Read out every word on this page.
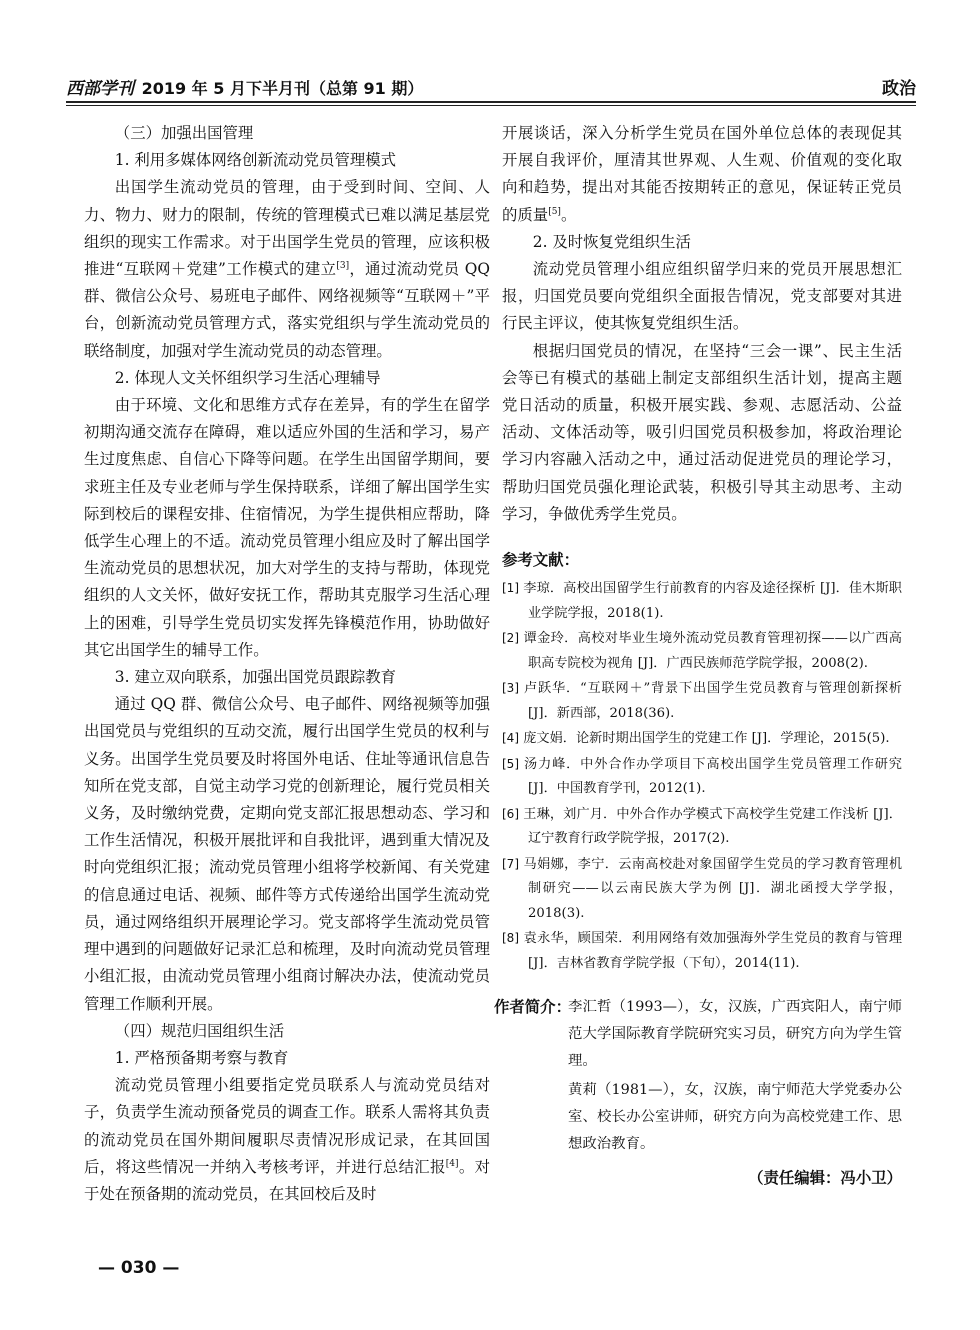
西部学刊 2019 年 5 月下半月刊（总第 91 期）	政治

（三）加强出国管理

1. 利用多媒体网络创新流动党员管理模式

出国学生流动党员的管理，由于受到时间、空间、人力、物力、财力的限制，传统的管理模式已难以满足基层党组织的现实工作需求。对于出国学生党员的管理，应该积极推进“互联网＋党建”工作模式的建立[3]，通过流动党员 QQ 群、微信公众号、易班电子邮件、网络视频等“互联网＋”平台，创新流动党员管理方式，落实党组织与学生流动党员的联络制度，加强对学生流动党员的动态管理。

2. 体现人文关怀组织学习生活心理辅导

由于环境、文化和思维方式存在差异，有的学生在留学初期沟通交流存在障碍，难以适应外国的生活和学习，易产生过度焦虑、自信心下降等问题。在学生出国留学期间，要求班主任及专业老师与学生保持联系，详细了解出国学生实际到校后的课程安排、住宿情况，为学生提供相应帮助，降低学生心理上的不适。流动党员管理小组应及时了解出国学生流动党员的思想状况，加大对学生的支持与帮助，体现党组织的人文关怀，做好安抚工作，帮助其克服学习生活心理上的困难，引导学生党员切实发挥先锋模范作用，协助做好其它出国学生的辅导工作。

3. 建立双向联系，加强出国党员跟踪教育

通过 QQ 群、微信公众号、电子邮件、网络视频等加强出国党员与党组织的互动交流，履行出国学生党员的权利与义务。出国学生党员要及时将国外电话、住址等通讯信息告知所在党支部，自觉主动学习党的创新理论，履行党员相关义务，及时缴纳党费，定期向党支部汇报思想动态、学习和工作生活情况，积极开展批评和自我批评，遇到重大情况及时向党组织汇报；流动党员管理小组将学校新闻、有关党建的信息通过电话、视频、邮件等方式传递给出国学生流动党员，通过网络组织开展理论学习。党支部将学生流动党员管理中遇到的问题做好记录汇总和梳理，及时向流动党员管理小组汇报，由流动党员管理小组商讨解决办法，使流动党员管理工作顺利开展。

（四）规范归国组织生活

1. 严格预备期考察与教育

流动党员管理小组要指定党员联系人与流动党员结对子，负责学生流动预备党员的调查工作。联系人需将其负责的流动党员在国外期间履职尽责情况形成记录，在其回国后，将这些情况一并纳入考核考评，并进行总结汇报[4]。对于处在预备期的流动党员，在其回校后及时

开展谈话，深入分析学生党员在国外单位总体的表现促其开展自我评价，厘清其世界观、人生观、价值观的变化取向和趋势，提出对其能否按期转正的意见，保证转正党员的质量[5]。

2. 及时恢复党组织生活

流动党员管理小组应组织留学归来的党员开展思想汇报，归国党员要向党组织全面报告情况，党支部要对其进行民主评议，使其恢复党组织生活。

根据归国党员的情况，在坚持“三会一课”、民主生活会等已有模式的基础上制定支部组织生活计划，提高主题党日活动的质量，积极开展实践、参观、志愿活动、公益活动、文体活动等，吸引归国党员积极参加，将政治理论学习内容融入活动之中，通过活动促进党员的理论学习，帮助归国党员强化理论武装，积极引导其主动思考、主动学习，争做优秀学生党员。

参考文献：

[1] 李琼．高校出国留学生行前教育的内容及途径探析 [J]．佳木斯职业学院学报，2018(1).
[2] 谭金玲．高校对毕业生境外流动党员教育管理初探——以广西高职高专院校为视角 [J]．广西民族师范学院学报，2008(2).
[3] 卢跃华．“互联网＋”背景下出国学生党员教育与管理创新探析 [J]．新西部，2018(36).
[4] 庞文娟．论新时期出国学生的党建工作 [J]．学理论，2015(5).
[5] 汤力峰．中外合作办学项目下高校出国学生党员管理工作研究 [J]．中国教育学刊，2012(1).
[6] 王琳，刘广月．中外合作办学模式下高校学生党建工作浅析 [J]．辽宁教育行政学院学报，2017(2).
[7] 马娟娜，李宁．云南高校赴对象国留学生党员的学习教育管理机制研究——以云南民族大学为例 [J]．湖北函授大学学报，2018(3).
[8] 袁永华，顾国荣．利用网络有效加强海外学生党员的教育与管理 [J]．吉林省教育学院学报（下旬），2014(11).
作者简介：

李汇哲（1993—），女，汉族，广西宾阳人，南宁师范大学国际教育学院研究实习员，研究方向为学生管理。

黄莉（1981—），女，汉族，南宁师范大学党委办公室、校长办公室讲师，研究方向为高校党建工作、思想政治教育。

（责任编辑：冯小卫）
— 030 —
